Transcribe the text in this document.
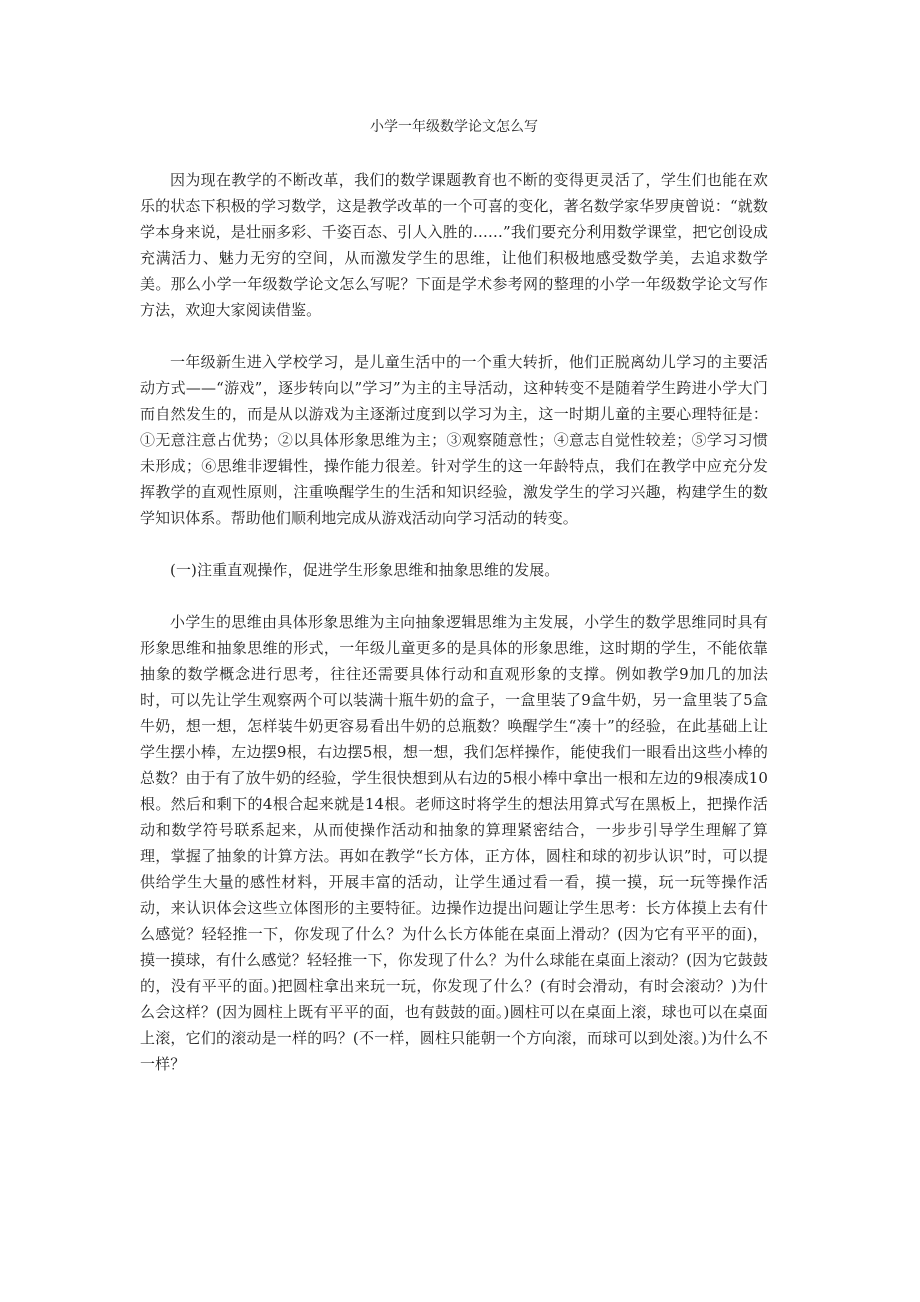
小学一年级数学论文怎么写

因为现在教学的不断改革，我们的数学课题教育也不断的变得更灵活了，学生们也能在欢乐的状态下积极的学习数学，这是教学改革的一个可喜的变化，著名数学家华罗庚曾说：“就数学本身来说，是壮丽多彩、千姿百态、引人入胜的……”我们要充分利用数学课堂，把它创设成充满活力、魅力无穷的空间，从而激发学生的思维，让他们积极地感受数学美，去追求数学美。那么小学一年级数学论文怎么写呢？下面是学术参考网的整理的小学一年级数学论文写作方法，欢迎大家阅读借鉴。

一年级新生进入学校学习，是儿童生活中的一个重大转折，他们正脱离幼儿学习的主要活动方式——“游戏”，逐步转向以”学习”为主的主导活动，这种转变不是随着学生跨进小学大门而自然发生的，而是从以游戏为主逐渐过度到以学习为主，这一时期儿童的主要心理特征是：①无意注意占优势；②以具体形象思维为主；③观察随意性；④意志自觉性较差；⑤学习习惯未形成；⑥思维非逻辑性，操作能力很差。针对学生的这一年龄特点，我们在教学中应充分发挥教学的直观性原则，注重唤醒学生的生活和知识经验，激发学生的学习兴趣，构建学生的数学知识体系。帮助他们顺利地完成从游戏活动向学习活动的转变。

(一)注重直观操作，促进学生形象思维和抽象思维的发展。

小学生的思维由具体形象思维为主向抽象逻辑思维为主发展，小学生的数学思维同时具有形象思维和抽象思维的形式，一年级儿童更多的是具体的形象思维，这时期的学生，不能依靠抽象的数学概念进行思考，往往还需要具体行动和直观形象的支撑。例如教学9加几的加法时，可以先让学生观察两个可以装满十瓶牛奶的盒子，一盒里装了9盒牛奶，另一盒里装了5盒牛奶，想一想，怎样装牛奶更容易看出牛奶的总瓶数？唤醒学生“凑十”的经验，在此基础上让学生摆小棒，左边摆9根，右边摆5根，想一想，我们怎样操作，能使我们一眼看出这些小棒的总数？由于有了放牛奶的经验，学生很快想到从右边的5根小棒中拿出一根和左边的9根凑成10根。然后和剩下的4根合起来就是14根。老师这时将学生的想法用算式写在黑板上，把操作活动和数学符号联系起来，从而使操作活动和抽象的算理紧密结合，一步步引导学生理解了算理，掌握了抽象的计算方法。再如在教学“长方体，正方体，圆柱和球的初步认识”时，可以提供给学生大量的感性材料，开展丰富的活动，让学生通过看一看，摸一摸，玩一玩等操作活动，来认识体会这些立体图形的主要特征。边操作边提出问题让学生思考：长方体摸上去有什么感觉？轻轻推一下，你发现了什么？为什么长方体能在桌面上滑动？(因为它有平平的面)，摸一摸球，有什么感觉？轻轻推一下，你发现了什么？为什么球能在桌面上滚动？(因为它鼓鼓的，没有平平的面。)把圆柱拿出来玩一玩，你发现了什么？(有时会滑动，有时会滚动？)为什么会这样？(因为圆柱上既有平平的面，也有鼓鼓的面。)圆柱可以在桌面上滚，球也可以在桌面上滚，它们的滚动是一样的吗？(不一样，圆柱只能朝一个方向滚，而球可以到处滚。)为什么不一样？
